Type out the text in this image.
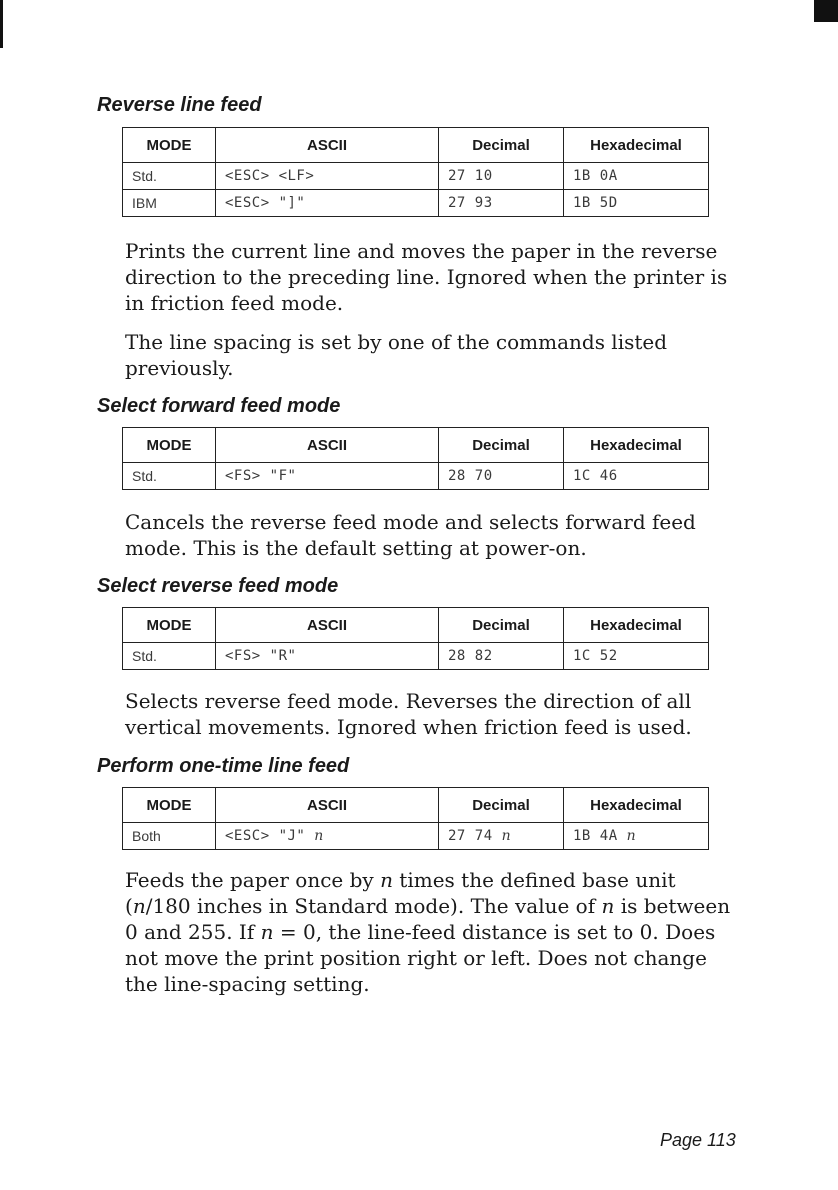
Reverse line feed
MODE	ASCII	Decimal	Hexadecimal
Std.	<ESC> <LF>	27 10	1B 0A
IBM	<ESC> "]"	27 93	1B 5D

Prints the current line and moves the paper in the reverse direction to the preceding line. Ignored when the printer is in friction feed mode.

The line spacing is set by one of the commands listed previously.

Select forward feed mode
MODE	ASCII	Decimal	Hexadecimal
Std.	<FS> "F"	28 70	1C 46

Cancels the reverse feed mode and selects forward feed mode. This is the default setting at power-on.

Select reverse feed mode
MODE	ASCII	Decimal	Hexadecimal
Std.	<FS> "R"	28 82	1C 52

Selects reverse feed mode. Reverses the direction of all vertical movements. Ignored when friction feed is used.

Perform one-time line feed
MODE	ASCII	Decimal	Hexadecimal
Both	<ESC> "J" n	27 74 n	1B 4A n

Feeds the paper once by n times the defined base unit (n/180 inches in Standard mode). The value of n is between 0 and 255. If n = 0, the line-feed distance is set to 0. Does not move the print position right or left. Does not change the line-spacing setting.

Page 113
